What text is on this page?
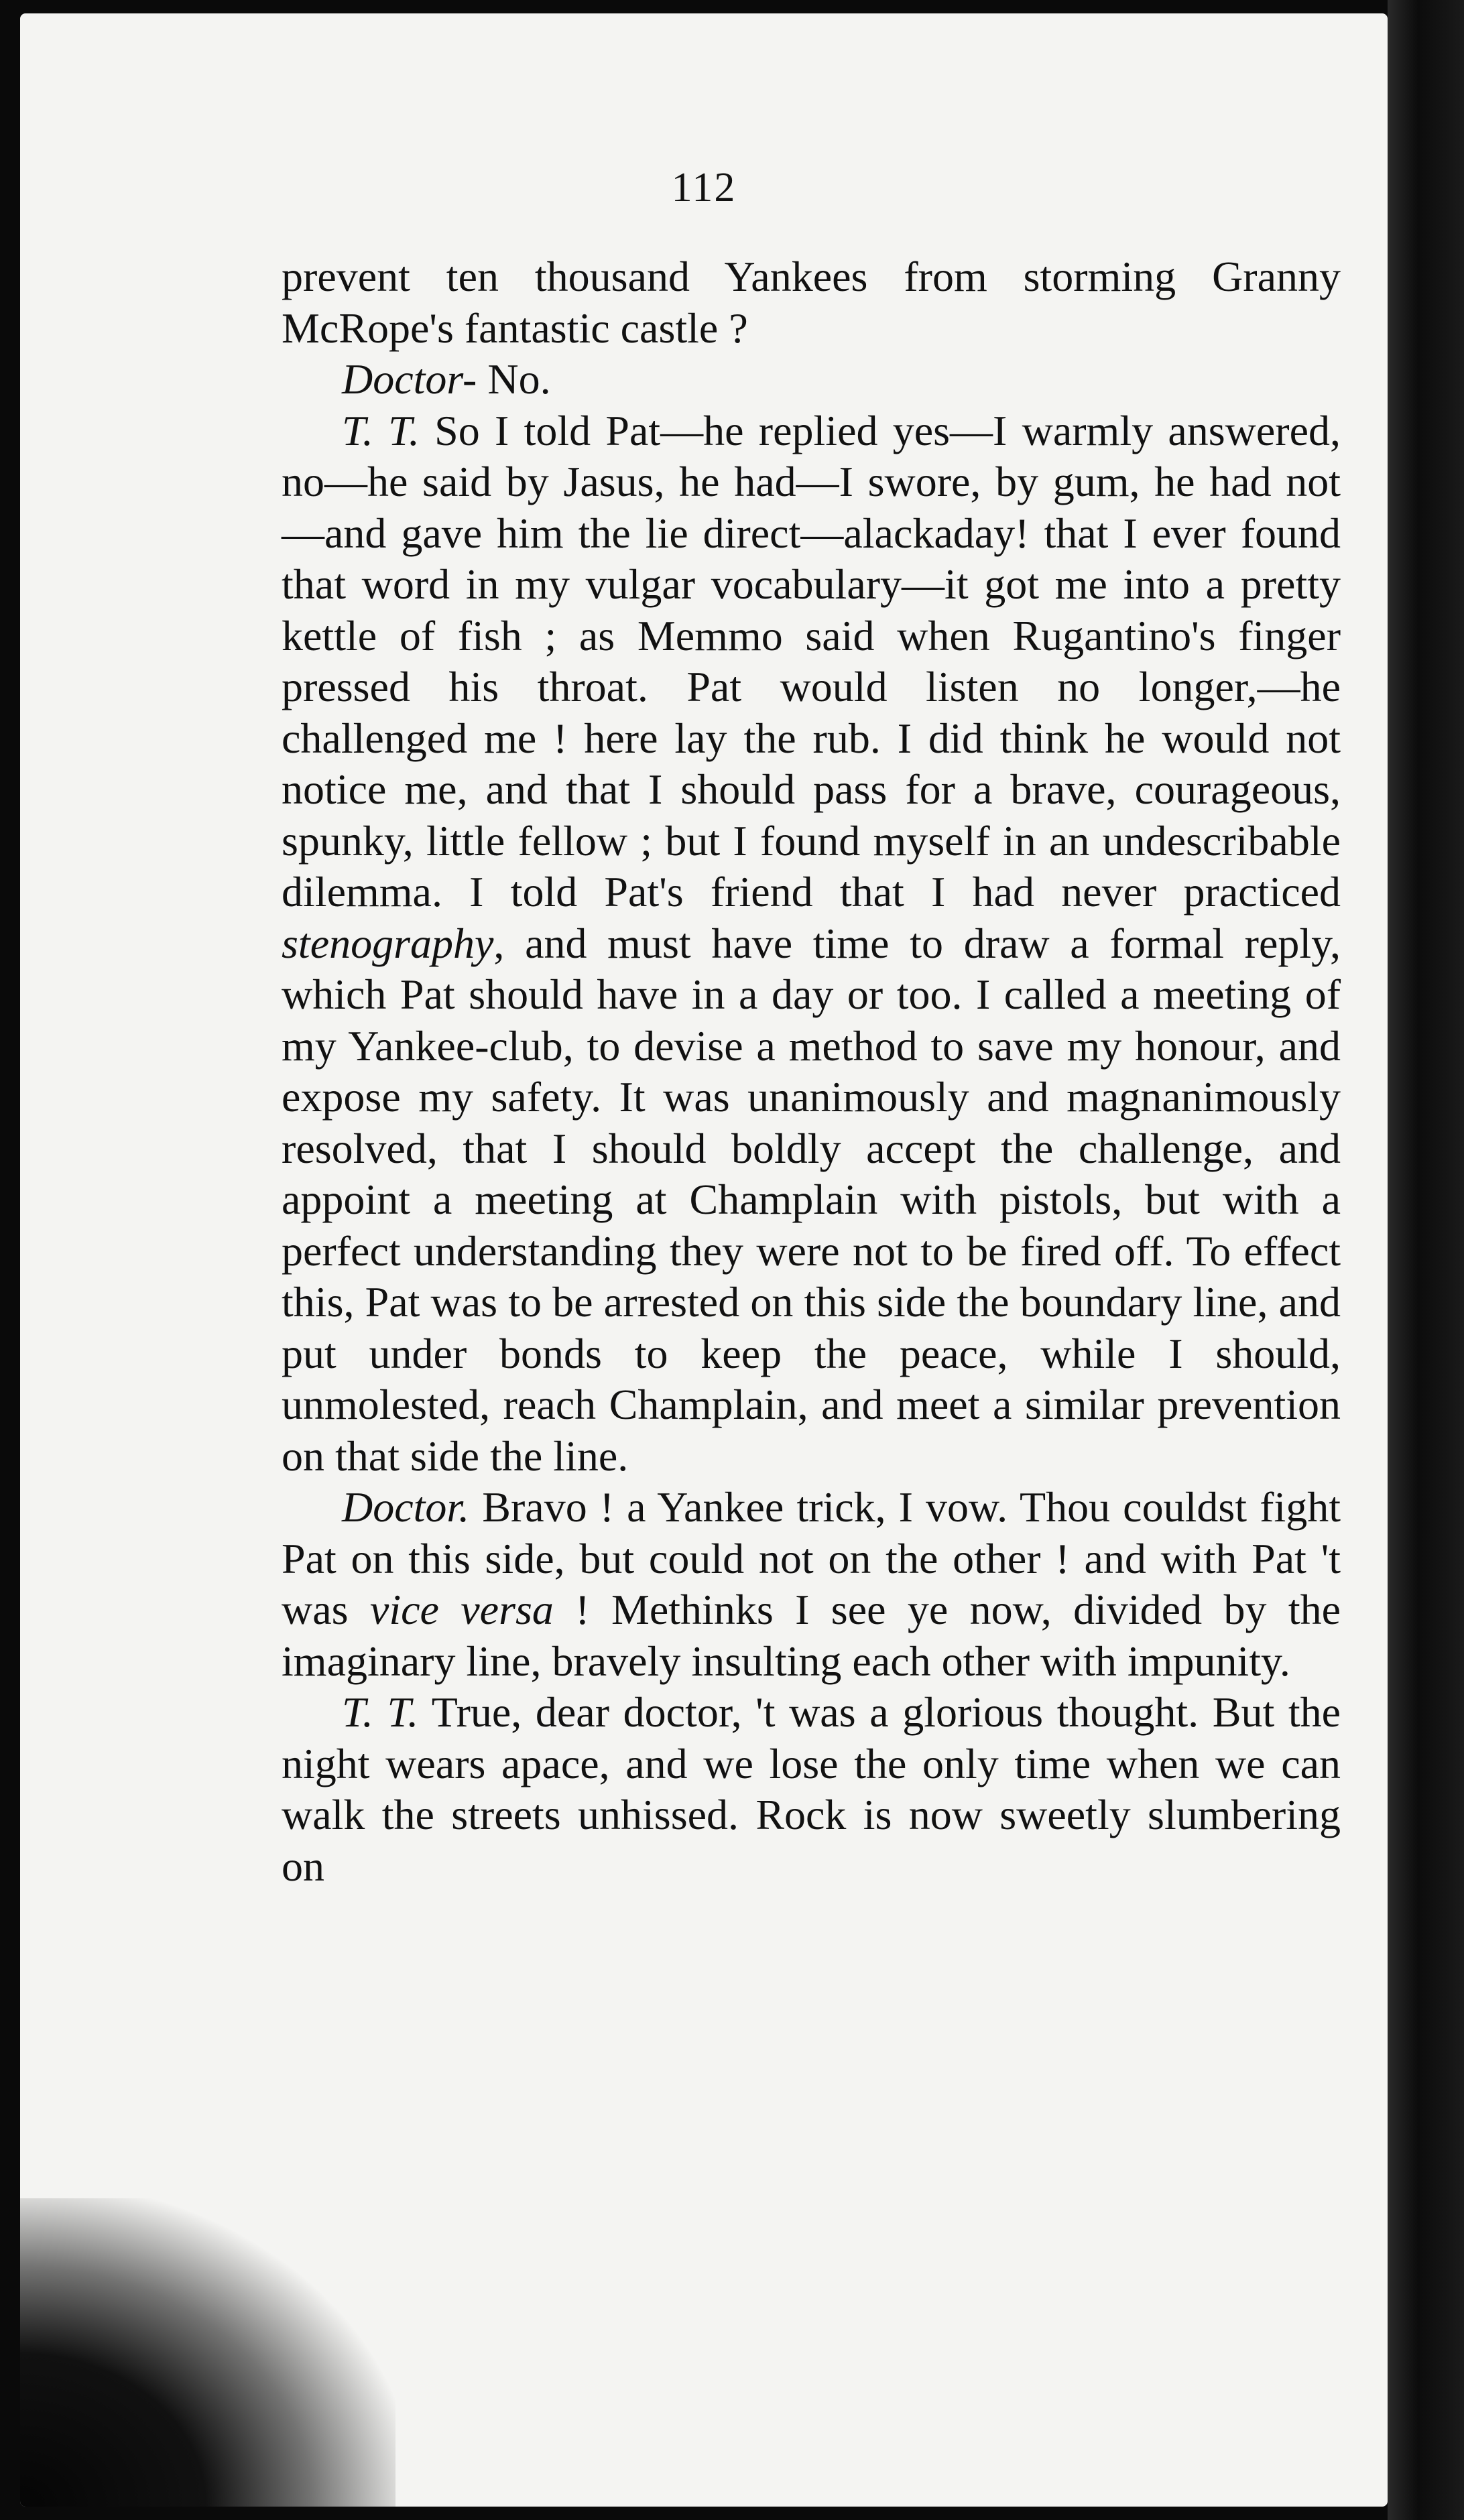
112

prevent ten thousand Yankees from storming Granny McRope's fantastic castle ?

Doctor- No.

T. T. So I told Pat—he replied yes—I warmly answered, no—he said by Jasus, he had—I swore, by gum, he had not—and gave him the lie direct—alackaday! that I ever found that word in my vulgar vocabulary—it got me into a pretty kettle of fish ; as Memmo said when Rugantino's finger pressed his throat. Pat would listen no longer,—he challenged me ! here lay the rub. I did think he would not notice me, and that I should pass for a brave, courageous, spunky, little fellow ; but I found myself in an undescribable dilemma. I told Pat's friend that I had never practiced stenography, and must have time to draw a formal reply, which Pat should have in a day or too. I called a meeting of my Yankee-club, to devise a method to save my honour, and expose my safety. It was unanimously and magnanimously resolved, that I should boldly accept the challenge, and appoint a meeting at Champlain with pistols, but with a perfect understanding they were not to be fired off. To effect this, Pat was to be arrested on this side the boundary line, and put under bonds to keep the peace, while I should, unmolested, reach Champlain, and meet a similar prevention on that side the line.

Doctor. Bravo ! a Yankee trick, I vow. Thou couldst fight Pat on this side, but could not on the other ! and with Pat 't was vice versa ! Methinks I see ye now, divided by the imaginary line, bravely insulting each other with impunity.

T. T. True, dear doctor, 't was a glorious thought. But the night wears apace, and we lose the only time when we can walk the streets unhissed. Rock is now sweetly slumbering on
